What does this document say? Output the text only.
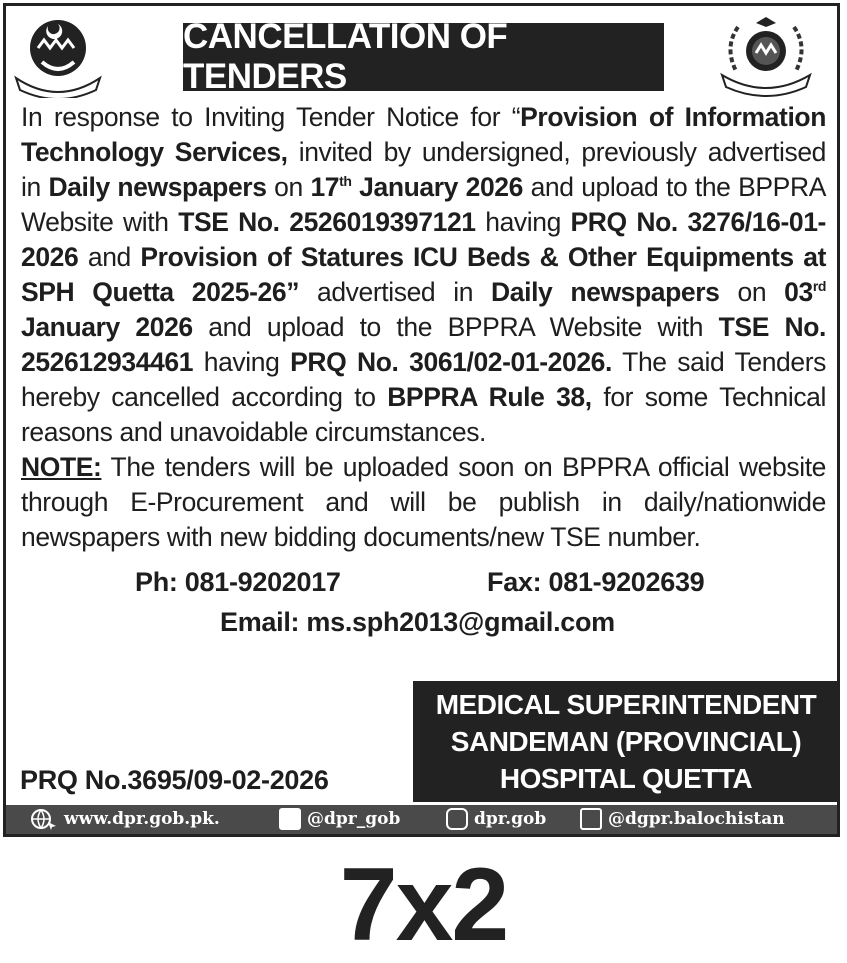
CANCELLATION OF TENDERS
In response to Inviting Tender Notice for “Provision of Information Technology Services, invited by undersigned, previously advertised in Daily newspapers on 17th January 2026 and upload to the BPPRA Website with TSE No. 2526019397121 having PRQ No. 3276/16-01-2026 and Provision of Statures ICU Beds & Other Equipments at SPH Quetta 2025-26” advertised in Daily newspapers on 03rd January 2026 and upload to the BPPRA Website with TSE No. 252612934461 having PRQ No. 3061/02-01-2026. The said Tenders hereby cancelled according to BPPRA Rule 38, for some Technical reasons and unavoidable circumstances.
NOTE: The tenders will be uploaded soon on BPPRA official website through E-Procurement and will be publish in daily/nationwide newspapers with new bidding documents/new TSE number.
Ph: 081-9202017	Fax: 081-9202639
Email: ms.sph2013@gmail.com
MEDICAL SUPERINTENDENT
SANDEMAN (PROVINCIAL)
HOSPITAL QUETTA
PRQ No.3695/09-02-2026
www.dpr.gob.pk.	@dpr_gob	dpr.gob	@dgpr.balochistan
7x2
